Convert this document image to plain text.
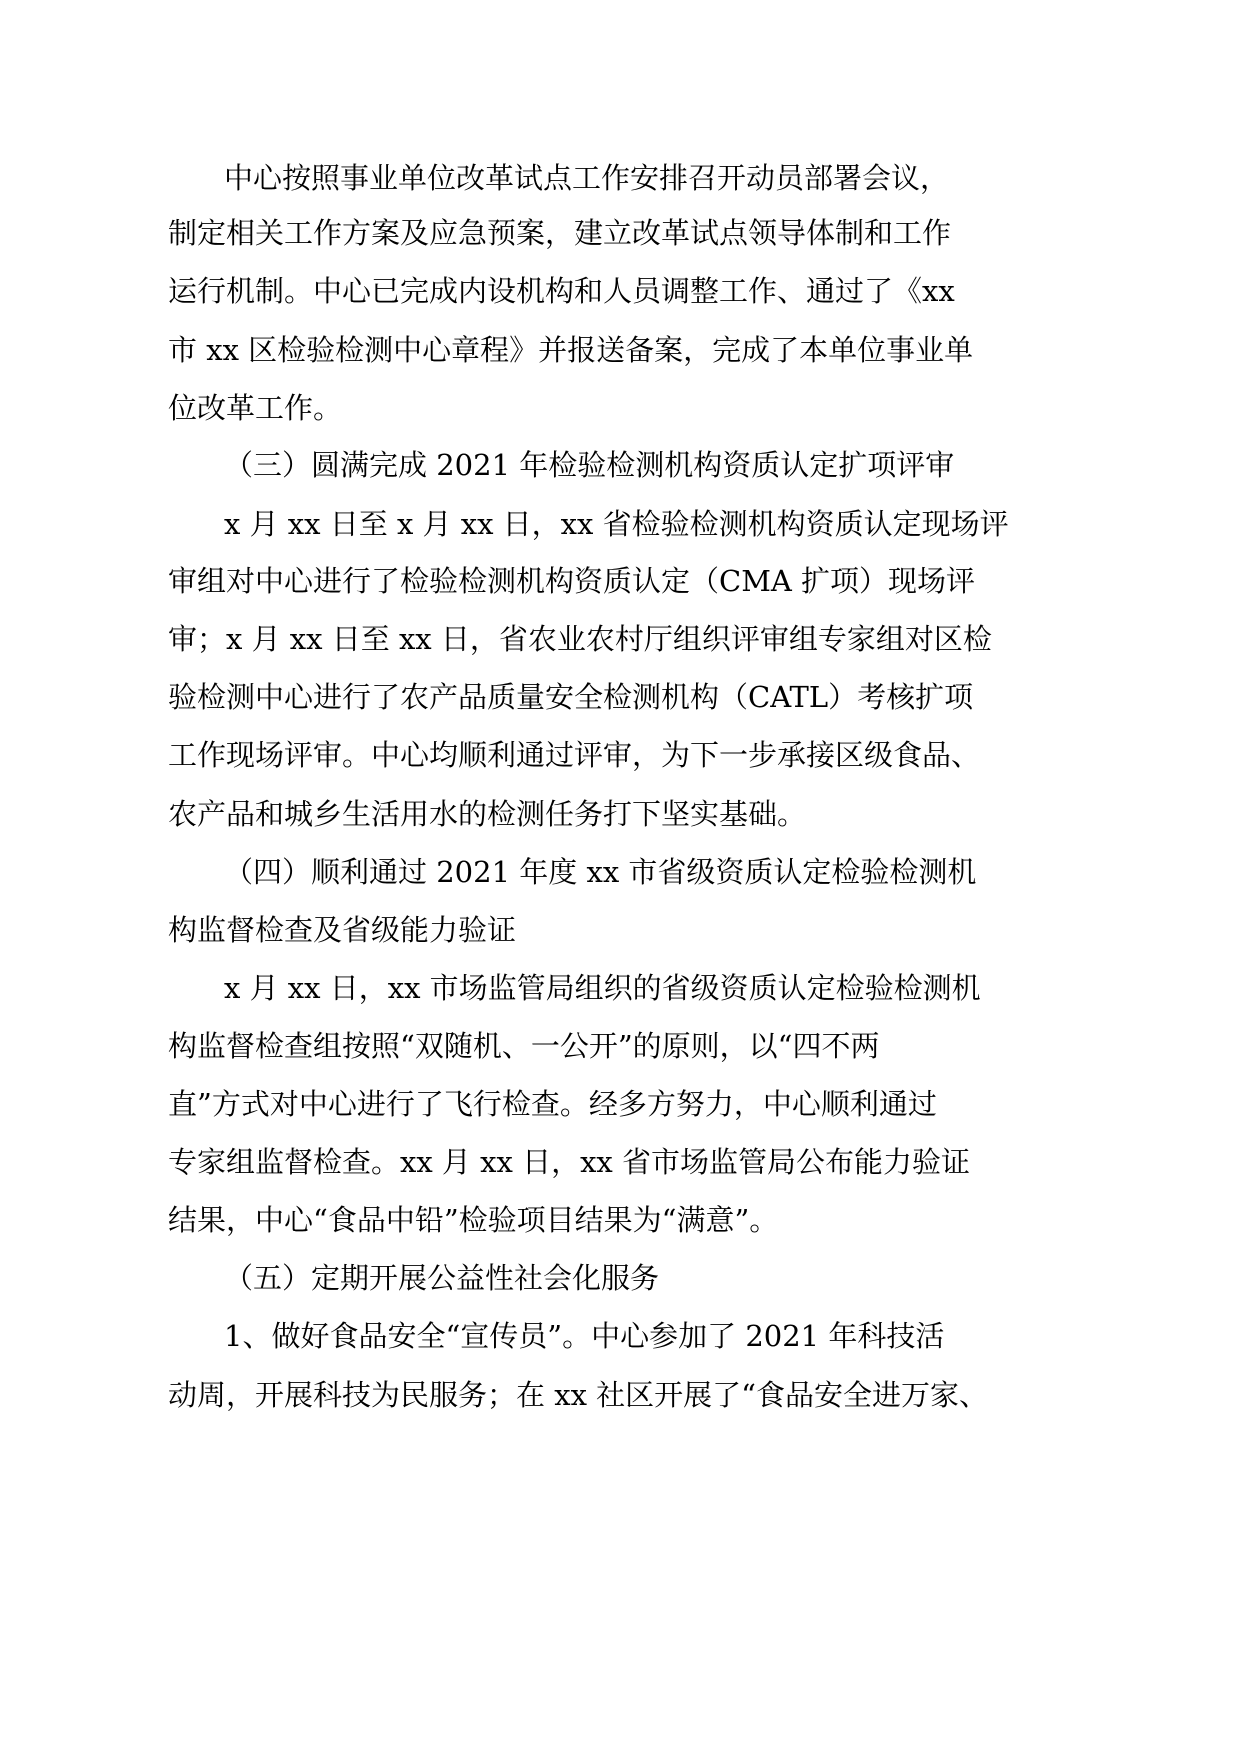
中心按照事业单位改革试点工作安排召开动员部署会议，
制定相关工作方案及应急预案，建立改革试点领导体制和工作
运行机制。中心已完成内设机构和人员调整工作、通过了《xx
市 xx 区检验检测中心章程》并报送备案，完成了本单位事业单
位改革工作。
（三）圆满完成 2021 年检验检测机构资质认定扩项评审
x 月 xx 日至 x 月 xx 日，xx 省检验检测机构资质认定现场评
审组对中心进行了检验检测机构资质认定（CMA 扩项）现场评
审；x 月 xx 日至 xx 日，省农业农村厅组织评审组专家组对区检
验检测中心进行了农产品质量安全检测机构（CATL）考核扩项
工作现场评审。中心均顺利通过评审，为下一步承接区级食品、
农产品和城乡生活用水的检测任务打下坚实基础。
（四）顺利通过 2021 年度 xx 市省级资质认定检验检测机
构监督检查及省级能力验证
x 月 xx 日，xx 市场监管局组织的省级资质认定检验检测机
构监督检查组按照“双随机、一公开”的原则，以“四不两
直”方式对中心进行了飞行检查。经多方努力，中心顺利通过
专家组监督检查。xx 月 xx 日，xx 省市场监管局公布能力验证
结果，中心“食品中铅”检验项目结果为“满意”。
（五）定期开展公益性社会化服务
1、做好食品安全“宣传员”。中心参加了 2021 年科技活
动周，开展科技为民服务；在 xx 社区开展了“食品安全进万家、
